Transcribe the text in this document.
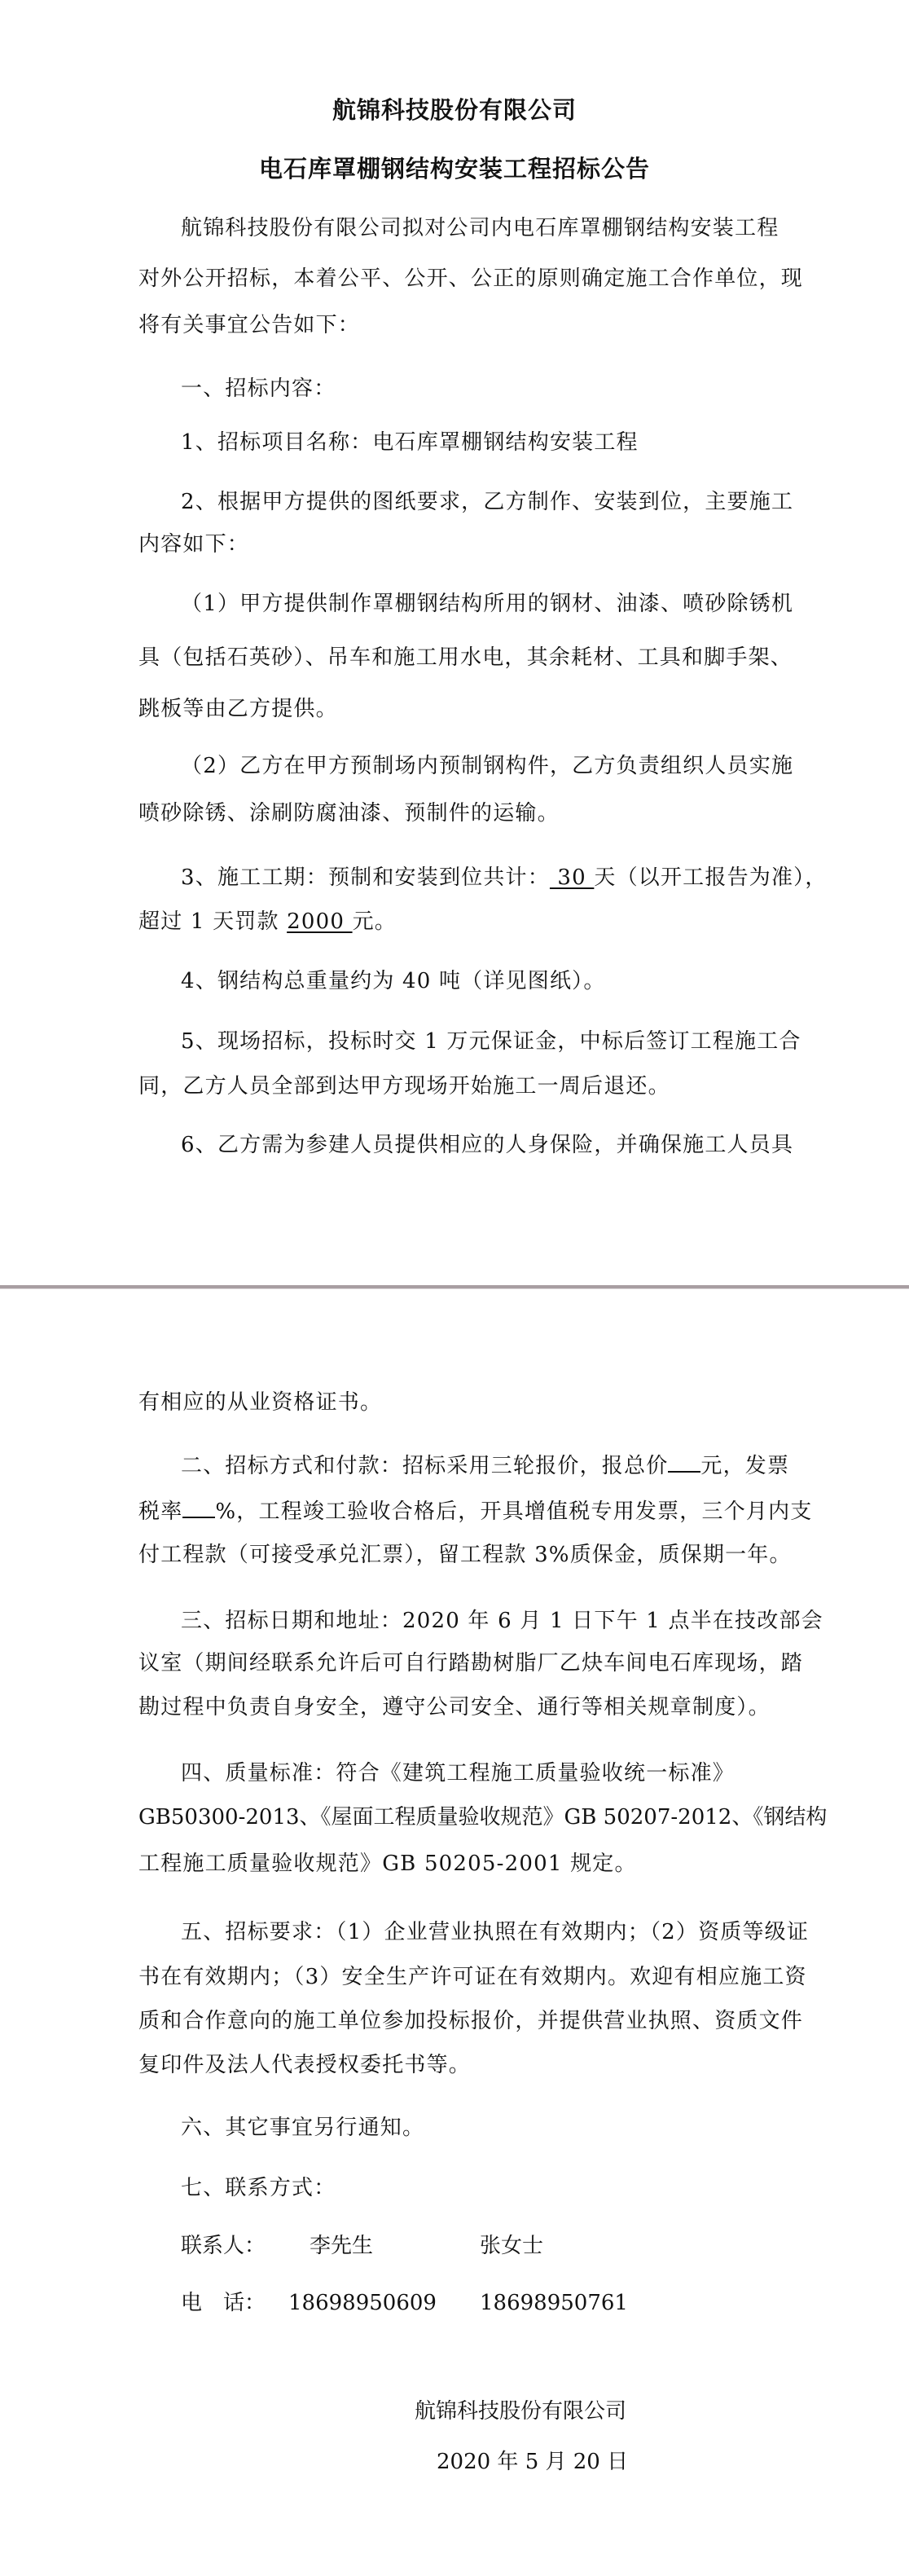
航锦科技股份有限公司
电石库罩棚钢结构安装工程招标公告
航锦科技股份有限公司拟对公司内电石库罩棚钢结构安装工程
对外公开招标，本着公平、公开、公正的原则确定施工合作单位，现
将有关事宜公告如下：
一、招标内容：
1、招标项目名称：电石库罩棚钢结构安装工程
2、根据甲方提供的图纸要求，乙方制作、安装到位，主要施工
内容如下：
（1）甲方提供制作罩棚钢结构所用的钢材、油漆、喷砂除锈机
具（包括石英砂）、吊车和施工用水电，其余耗材、工具和脚手架、
跳板等由乙方提供。
（2）乙方在甲方预制场内预制钢构件，乙方负责组织人员实施
喷砂除锈、涂刷防腐油漆、预制件的运输。
3、施工工期：预制和安装到位共计： 30 天（以开工报告为准），
超过 1 天罚款 2000 元。
4、钢结构总重量约为 40 吨（详见图纸）。
5、现场招标，投标时交 1 万元保证金，中标后签订工程施工合
同，乙方人员全部到达甲方现场开始施工一周后退还。
6、乙方需为参建人员提供相应的人身保险，并确保施工人员具
有相应的从业资格证书。
二、招标方式和付款：招标采用三轮报价，报总价 元，发票
税率 %，工程竣工验收合格后，开具增值税专用发票，三个月内支
付工程款（可接受承兑汇票），留工程款 3%质保金，质保期一年。
三、招标日期和地址：2020 年 6 月 1 日下午 1 点半在技改部会
议室（期间经联系允许后可自行踏勘树脂厂乙炔车间电石库现场，踏
勘过程中负责自身安全，遵守公司安全、通行等相关规章制度）。
四、质量标准：符合《建筑工程施工质量验收统一标准》
GB50300-2013、《屋面工程质量验收规范》GB 50207-2012、《钢结构
工程施工质量验收规范》GB 50205-2001 规定。
五、招标要求：（1）企业营业执照在有效期内；（2）资质等级证
书在有效期内；（3）安全生产许可证在有效期内。欢迎有相应施工资
质和合作意向的施工单位参加投标报价，并提供营业执照、资质文件
复印件及法人代表授权委托书等。
六、其它事宜另行通知。
七、联系方式：
联系人： 李先生	张女士
电　话： 18698950609 18698950761
航锦科技股份有限公司
2020 年 5 月 20 日
